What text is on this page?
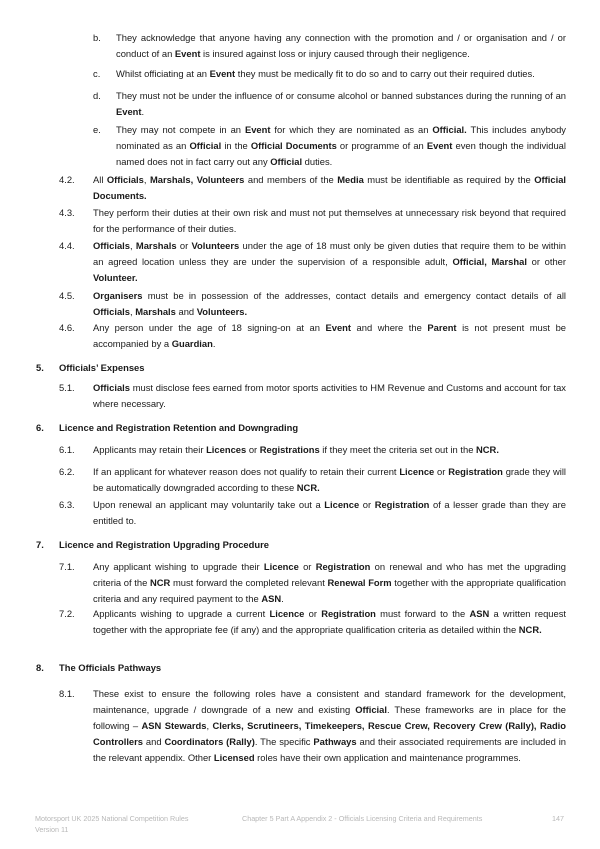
b. They acknowledge that anyone having any connection with the promotion and / or organisation and / or conduct of an Event is insured against loss or injury caused through their negligence.
c. Whilst officiating at an Event they must be medically fit to do so and to carry out their required duties.
d. They must not be under the influence of or consume alcohol or banned substances during the running of an Event.
e. They may not compete in an Event for which they are nominated as an Official. This includes anybody nominated as an Official in the Official Documents or programme of an Event even though the individual named does not in fact carry out any Official duties.
4.2. All Officials, Marshals, Volunteers and members of the Media must be identifiable as required by the Official Documents.
4.3. They perform their duties at their own risk and must not put themselves at unnecessary risk beyond that required for the performance of their duties.
4.4. Officials, Marshals or Volunteers under the age of 18 must only be given duties that require them to be within an agreed location unless they are under the supervision of a responsible adult, Official, Marshal or other Volunteer.
4.5. Organisers must be in possession of the addresses, contact details and emergency contact details of all Officials, Marshals and Volunteers.
4.6. Any person under the age of 18 signing-on at an Event and where the Parent is not present must be accompanied by a Guardian.
5. Officials’ Expenses
5.1. Officials must disclose fees earned from motor sports activities to HM Revenue and Customs and account for tax where necessary.
6. Licence and Registration Retention and Downgrading
6.1. Applicants may retain their Licences or Registrations if they meet the criteria set out in the NCR.
6.2. If an applicant for whatever reason does not qualify to retain their current Licence or Registration grade they will be automatically downgraded according to these NCR.
6.3. Upon renewal an applicant may voluntarily take out a Licence or Registration of a lesser grade than they are entitled to.
7. Licence and Registration Upgrading Procedure
7.1. Any applicant wishing to upgrade their Licence or Registration on renewal and who has met the upgrading criteria of the NCR must forward the completed relevant Renewal Form together with the appropriate qualification criteria and any required payment to the ASN.
7.2. Applicants wishing to upgrade a current Licence or Registration must forward to the ASN a written request together with the appropriate fee (if any) and the appropriate qualification criteria as detailed within the NCR.
8. The Officials Pathways
8.1. These exist to ensure the following roles have a consistent and standard framework for the development, maintenance, upgrade / downgrade of a new and existing Official. These frameworks are in place for the following – ASN Stewards, Clerks, Scrutineers, Timekeepers, Rescue Crew, Recovery Crew (Rally), Radio Controllers and Coordinators (Rally). The specific Pathways and their associated requirements are included in the relevant appendix. Other Licensed roles have their own application and maintenance programmes.
Motorsport UK 2025 National Competition Rules
Version 11
Chapter 5 Part A Appendix 2 - Officials Licensing Criteria and Requirements	147
